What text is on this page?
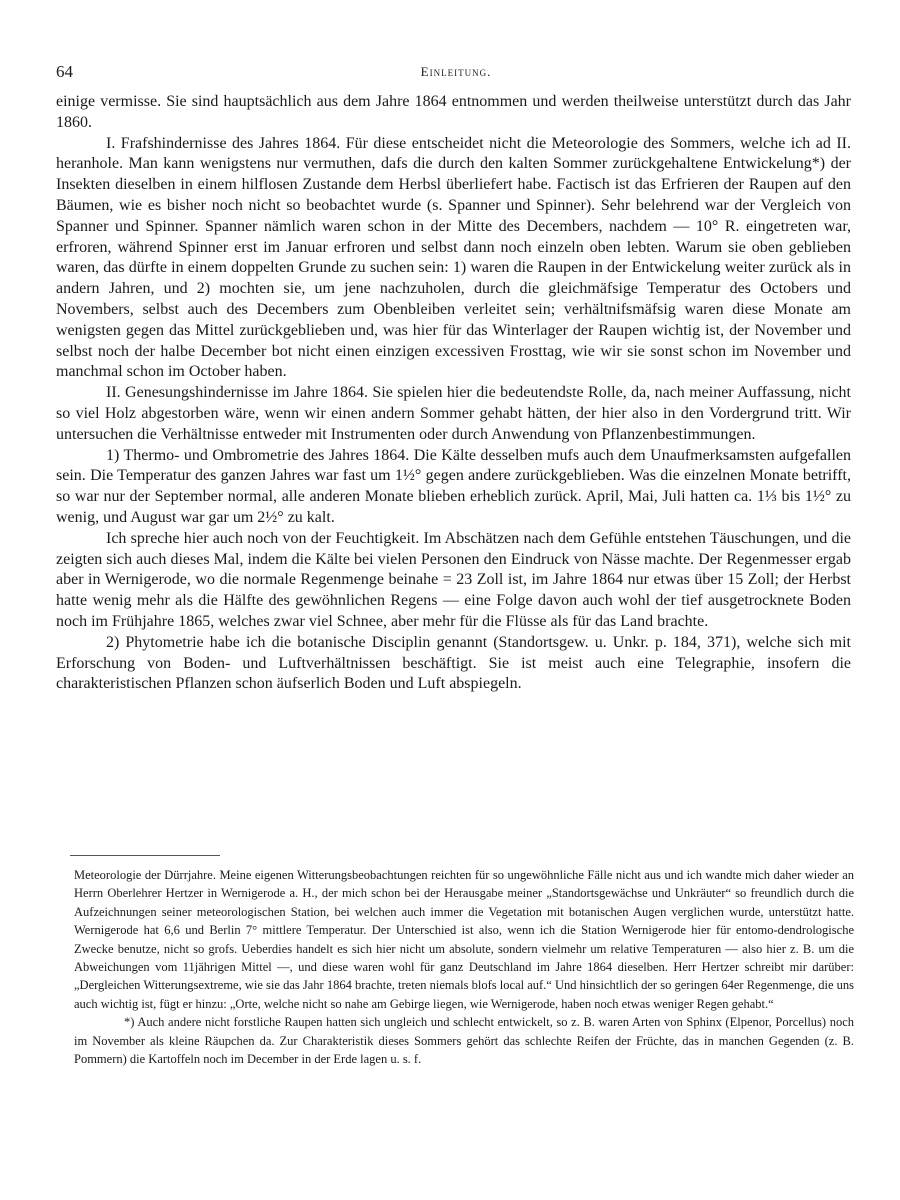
64	Einleitung.

einige vermisse. Sie sind hauptsächlich aus dem Jahre 1864 entnommen und werden theilweise unterstützt durch das Jahr 1860.

I. Frafshindernisse des Jahres 1864. Für diese entscheidet nicht die Meteorologie des Sommers, welche ich ad II. heranhole. Man kann wenigstens nur vermuthen, dafs die durch den kalten Sommer zurückgehaltene Entwickelung*) der Insekten dieselben in einem hilflosen Zustande dem Herbsl überliefert habe. Factisch ist das Erfrieren der Raupen auf den Bäumen, wie es bisher noch nicht so beobachtet wurde (s. Spanner und Spinner). Sehr belehrend war der Vergleich von Spanner und Spinner. Spanner nämlich waren schon in der Mitte des Decembers, nachdem — 10° R. eingetreten war, erfroren, während Spinner erst im Januar erfroren und selbst dann noch einzeln oben lebten. Warum sie oben geblieben waren, das dürfte in einem doppelten Grunde zu suchen sein: 1) waren die Raupen in der Entwickelung weiter zurück als in andern Jahren, und 2) mochten sie, um jene nachzuholen, durch die gleichmäfsige Temperatur des Octobers und Novembers, selbst auch des Decembers zum Obenbleiben verleitet sein; verhältnifsmäfsig waren diese Monate am wenigsten gegen das Mittel zurückgeblieben und, was hier für das Winterlager der Raupen wichtig ist, der November und selbst noch der halbe December bot nicht einen einzigen excessiven Frosttag, wie wir sie sonst schon im November und manchmal schon im October haben.

II. Genesungshindernisse im Jahre 1864. Sie spielen hier die bedeutendste Rolle, da, nach meiner Auffassung, nicht so viel Holz abgestorben wäre, wenn wir einen andern Sommer gehabt hätten, der hier also in den Vordergrund tritt. Wir untersuchen die Verhältnisse entweder mit Instrumenten oder durch Anwendung von Pflanzenbestimmungen.

1) Thermo- und Ombrometrie des Jahres 1864. Die Kälte desselben mufs auch dem Unaufmerksamsten aufgefallen sein. Die Temperatur des ganzen Jahres war fast um 1½° gegen andere zurückgeblieben. Was die einzelnen Monate betrifft, so war nur der September normal, alle anderen Monate blieben erheblich zurück. April, Mai, Juli hatten ca. 1⅓ bis 1½° zu wenig, und August war gar um 2½° zu kalt.

Ich spreche hier auch noch von der Feuchtigkeit. Im Abschätzen nach dem Gefühle entstehen Täuschungen, und die zeigten sich auch dieses Mal, indem die Kälte bei vielen Personen den Eindruck von Nässe machte. Der Regenmesser ergab aber in Wernigerode, wo die normale Regenmenge beinahe = 23 Zoll ist, im Jahre 1864 nur etwas über 15 Zoll; der Herbst hatte wenig mehr als die Hälfte des gewöhnlichen Regens — eine Folge davon auch wohl der tief ausgetrocknete Boden noch im Frühjahre 1865, welches zwar viel Schnee, aber mehr für die Flüsse als für das Land brachte.

2) Phytometrie habe ich die botanische Disciplin genannt (Standortsgew. u. Unkr. p. 184, 371), welche sich mit Erforschung von Boden- und Luftverhältnissen beschäftigt. Sie ist meist auch eine Telegraphie, insofern die charakteristischen Pflanzen schon äufserlich Boden und Luft abspiegeln.

Meteorologie der Dürrjahre. Meine eigenen Witterungsbeobachtungen reichten für so ungewöhnliche Fälle nicht aus und ich wandte mich daher wieder an Herrn Oberlehrer Hertzer in Wernigerode a. H., der mich schon bei der Herausgabe meiner „Standortsgewächse und Unkräuter“ so freundlich durch die Aufzeichnungen seiner meteorologischen Station, bei welchen auch immer die Vegetation mit botanischen Augen verglichen wurde, unterstützt hatte. Wernigerode hat 6,6 und Berlin 7° mittlere Temperatur. Der Unterschied ist also, wenn ich die Station Wernigerode hier für entomo-dendrologische Zwecke benutze, nicht so grofs. Ueberdies handelt es sich hier nicht um absolute, sondern vielmehr um relative Temperaturen — also hier z. B. um die Abweichungen vom 11jährigen Mittel —, und diese waren wohl für ganz Deutschland im Jahre 1864 dieselben. Herr Hertzer schreibt mir darüber: „Dergleichen Witterungsextreme, wie sie das Jahr 1864 brachte, treten niemals blofs local auf.“ Und hinsichtlich der so geringen 64er Regenmenge, die uns auch wichtig ist, fügt er hinzu: „Orte, welche nicht so nahe am Gebirge liegen, wie Wernigerode, haben noch etwas weniger Regen gehabt.“

*) Auch andere nicht forstliche Raupen hatten sich ungleich und schlecht entwickelt, so z. B. waren Arten von Sphinx (Elpenor, Porcellus) noch im November als kleine Räupchen da. Zur Charakteristik dieses Sommers gehört das schlechte Reifen der Früchte, das in manchen Gegenden (z. B. Pommern) die Kartoffeln noch im December in der Erde lagen u. s. f.
